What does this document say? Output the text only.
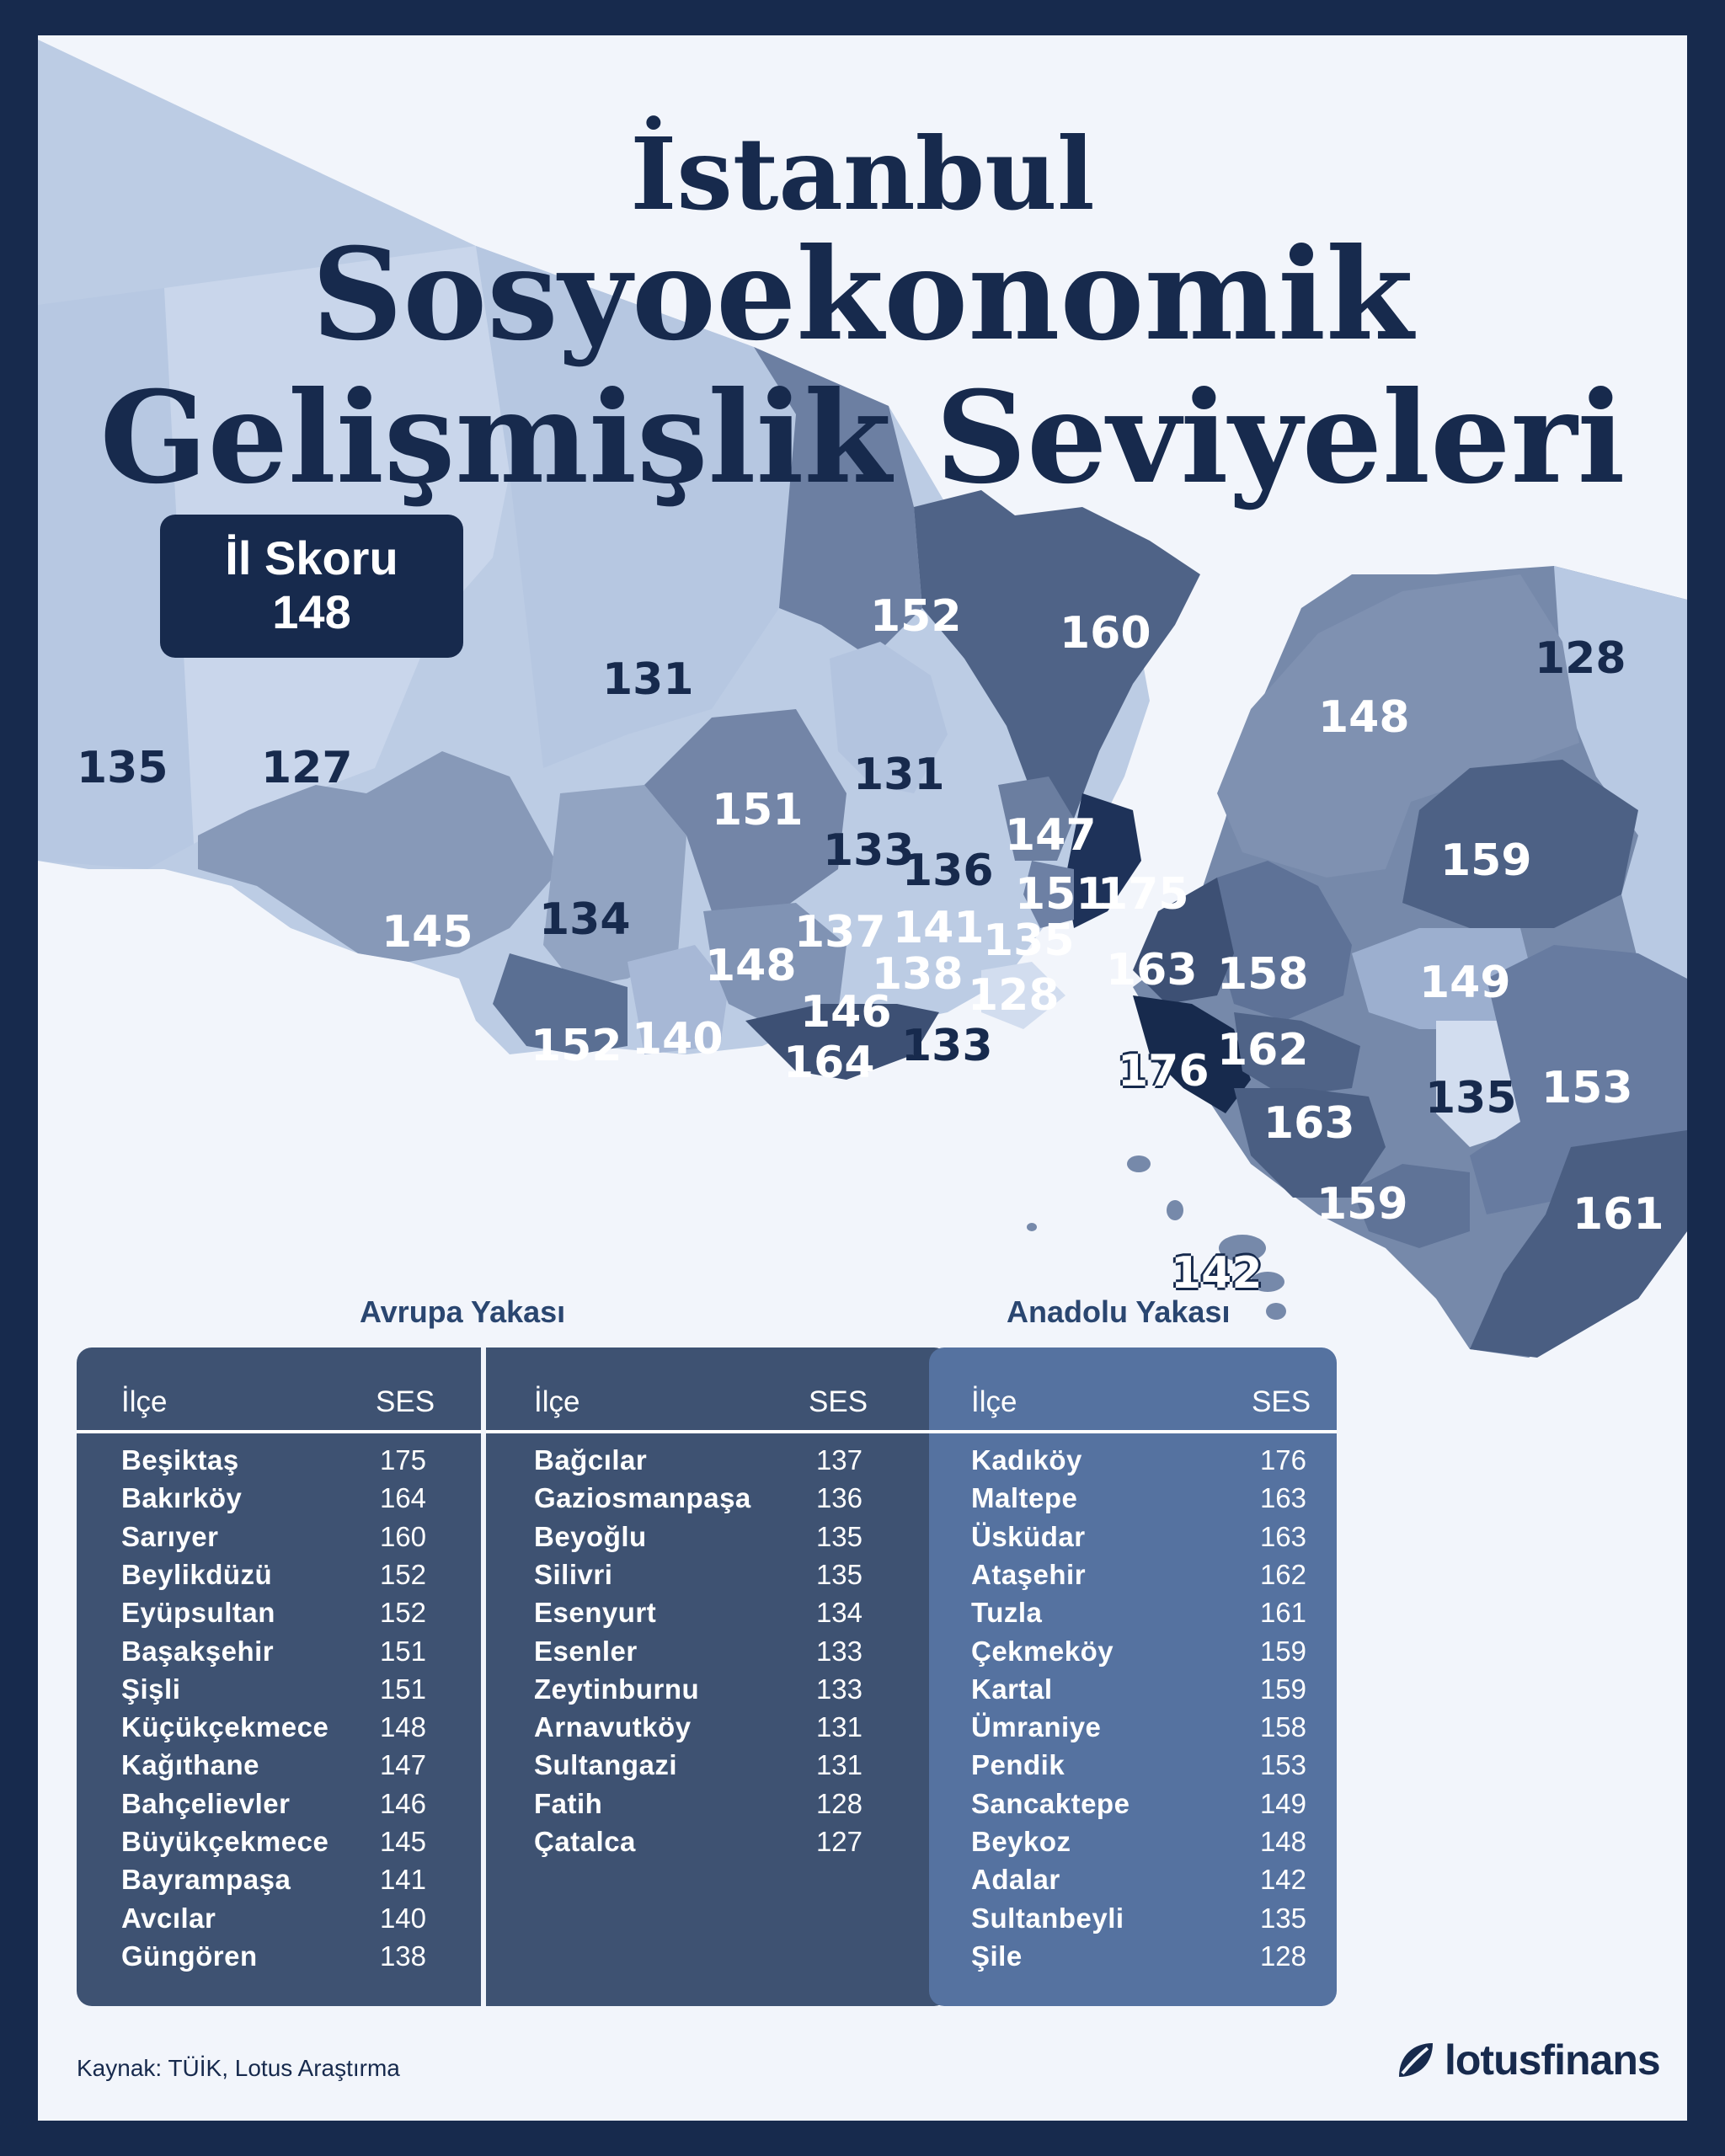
İstanbul
Sosyoekonomik
Gelişmişlik Seviyeleri
İl Skoru
148
135 127
131
152 160	128
148
151
131
133
136
147
151
175
159
145 134	137 141
135
163 158	149
148 138 128
146
152 140 164 133	176 162
135 153
163
159	161
142
Avrupa Yakası	Anadolu Yakası
İlçe	SES	İlçe	SES
Beşiktaş	175
Bakırköy	164
Sarıyer	160
Beylikdüzü	152
Eyüpsultan	152
Başakşehir	151
Şişli	151
Küçükçekmece	148
Kağıthane	147
Bahçelievler	146
Büyükçekmece	145
Bayrampaşa	141
Avcılar	140
Güngören	138
Bağcılar	137
Gaziosmanpaşa	136
Beyoğlu	135
Silivri	135
Esenyurt	134
Esenler	133
Zeytinburnu	133
Arnavutköy	131
Sultangazi	131
Fatih	128
Çatalca	127
İlçe	SES
Kadıköy	176
Maltepe	163
Üsküdar	163
Ataşehir	162
Tuzla	161
Çekmeköy	159
Kartal	159
Ümraniye	158
Pendik	153
Sancaktepe	149
Beykoz	148
Adalar	142
Sultanbeyli	135
Şile	128
Kaynak: TÜİK, Lotus Araştırma	lotusfinans
